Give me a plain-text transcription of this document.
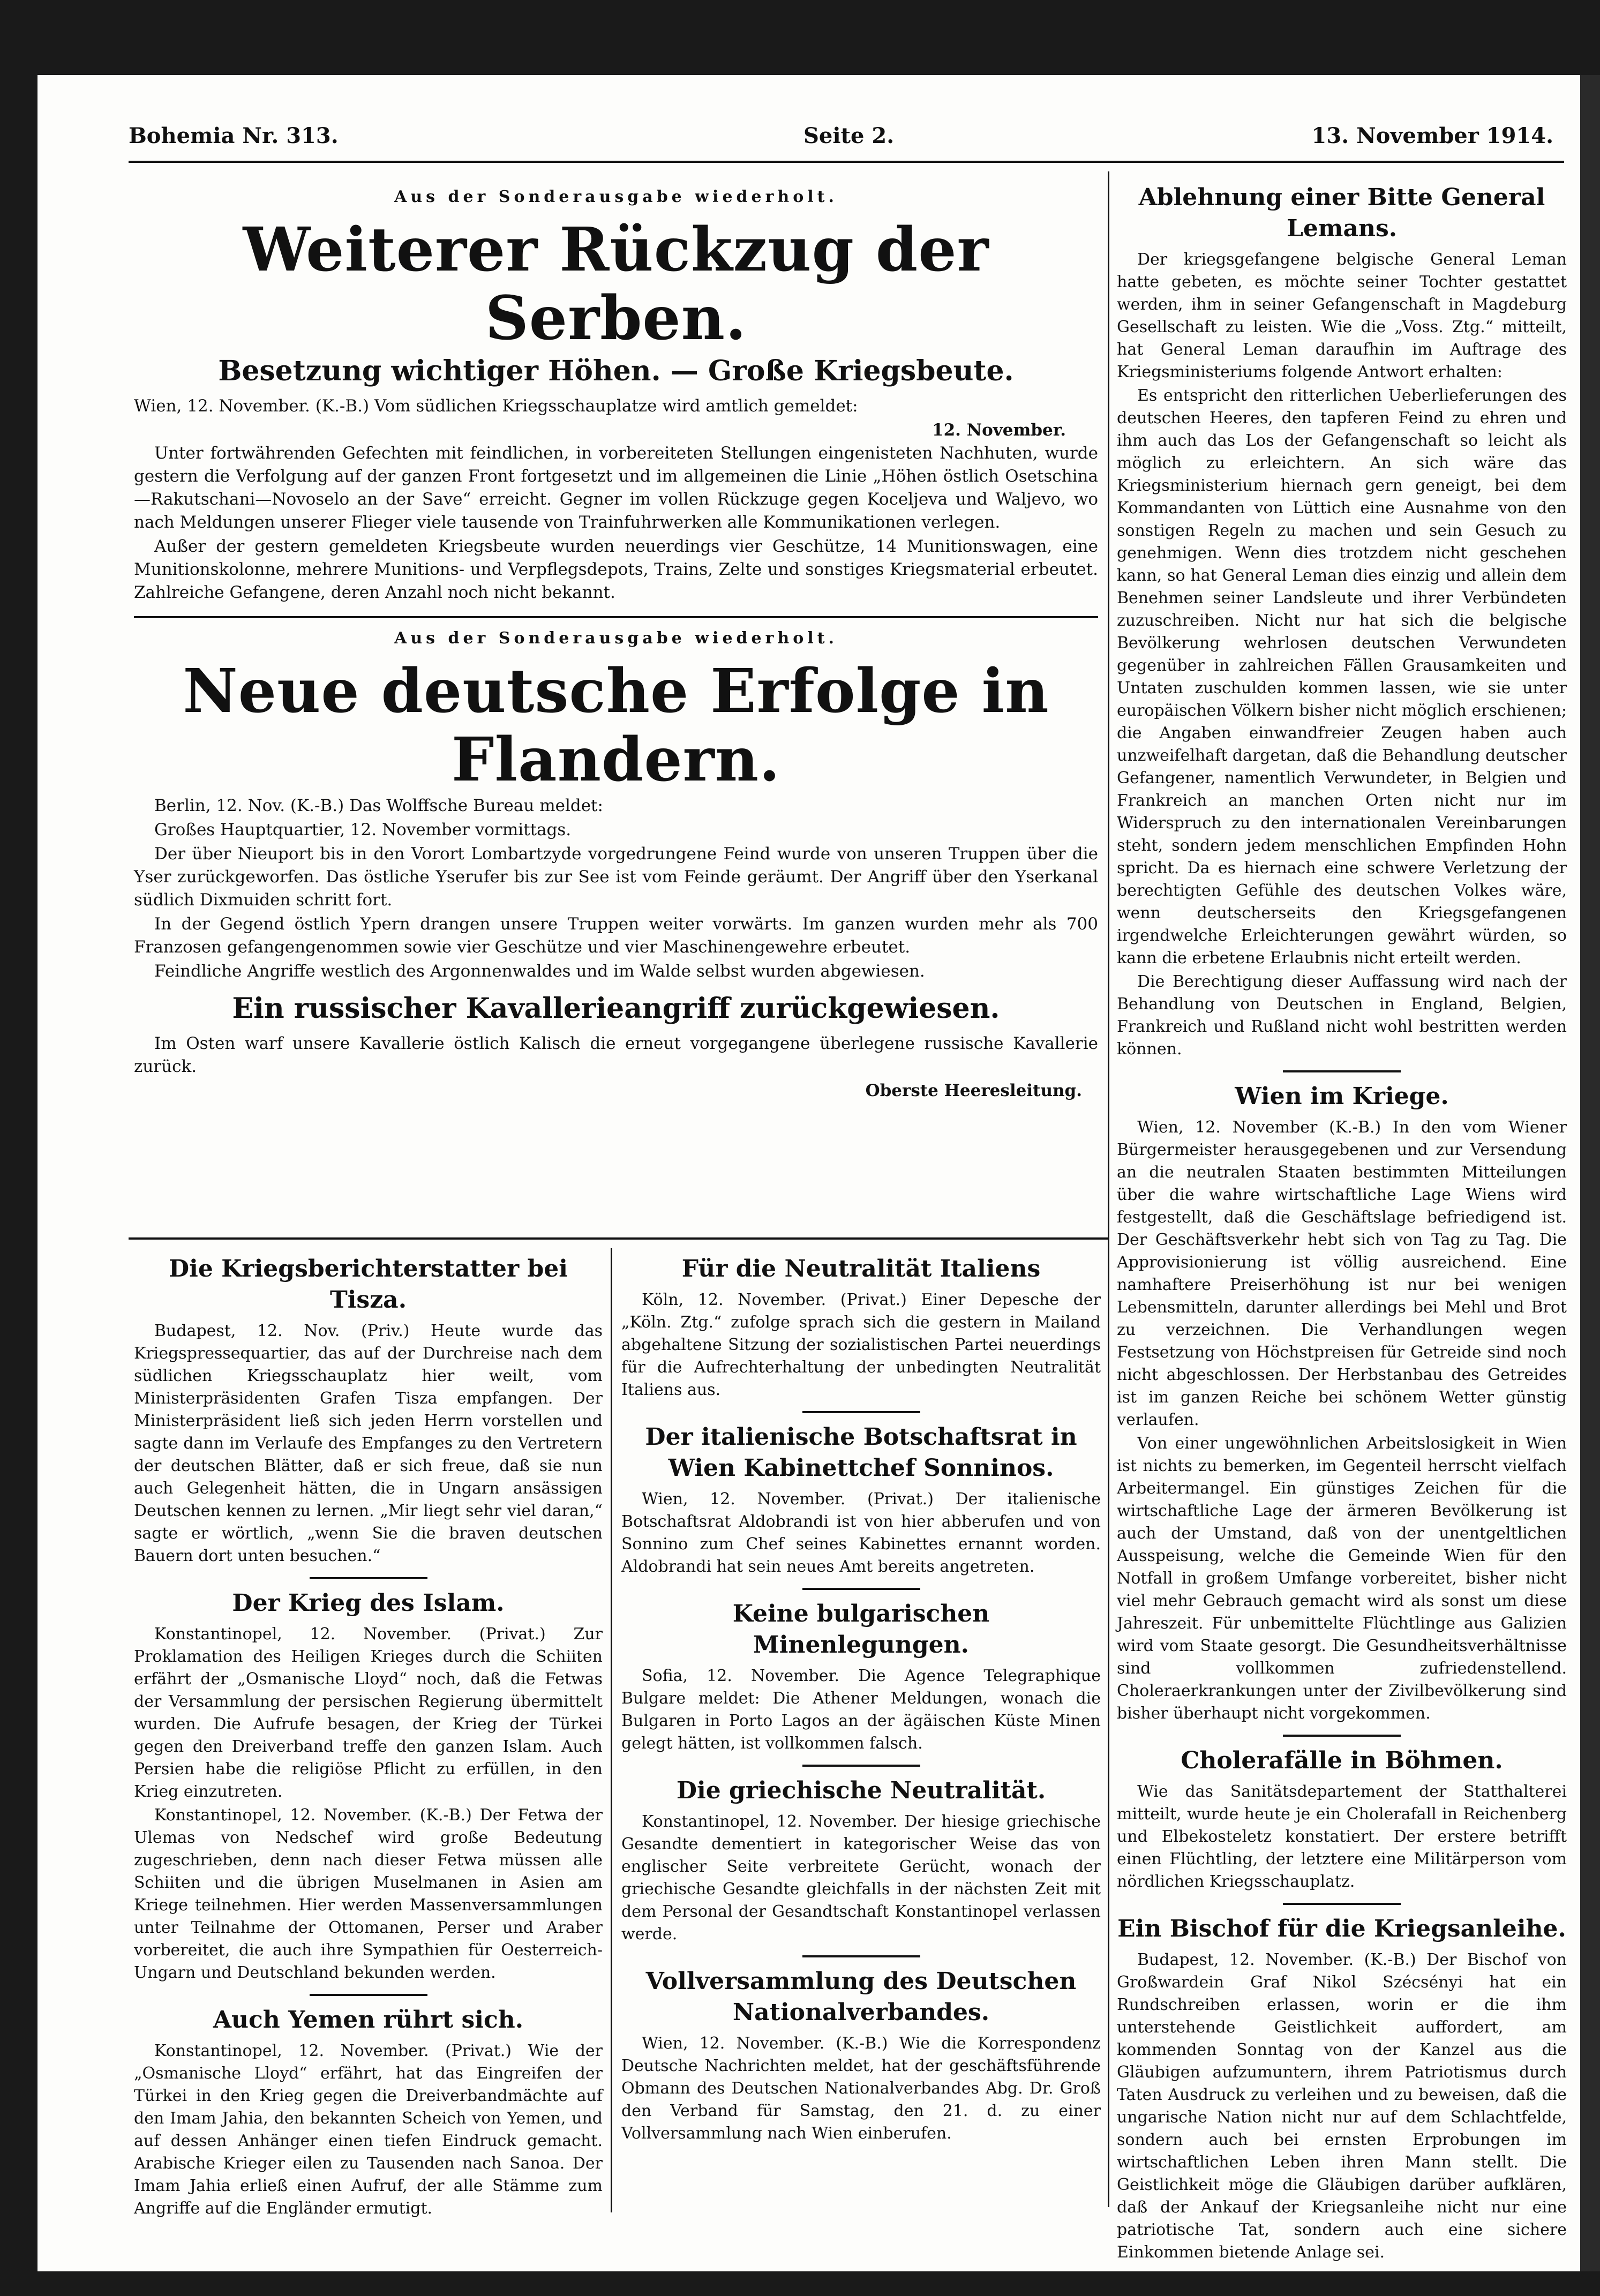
Bohemia Nr. 313.	Seite 2.	13. November 1914.
Aus der Sonderausgabe wiederholt.
Weiterer Rückzug der Serben.
Besetzung wichtiger Höhen. — Große Kriegsbeute.

Wien, 12. November. (K.-B.) Vom südlichen Kriegsschauplatze wird amtlich gemeldet:

12. November.

Unter fortwährenden Gefechten mit feindlichen, in vorbereiteten Stellungen eingenisteten Nachhuten, wurde gestern die Verfolgung auf der ganzen Front fortgesetzt und im allgemeinen die Linie „Höhen östlich Osetschina—Rakutschani—Novoselo an der Save“ erreicht. Gegner im vollen Rückzuge gegen Koceljeva und Waljevo, wo nach Meldungen unserer Flieger viele tausende von Trainfuhrwerken alle Kommunikationen verlegen.

Außer der gestern gemeldeten Kriegsbeute wurden neuerdings vier Geschütze, 14 Munitionswagen, eine Munitionskolonne, mehrere Munitions- und Verpflegsdepots, Trains, Zelte und sonstiges Kriegsmaterial erbeutet. Zahlreiche Gefangene, deren Anzahl noch nicht bekannt.

Aus der Sonderausgabe wiederholt.
Neue deutsche Erfolge in Flandern.

Berlin, 12. Nov. (K.-B.) Das Wolffsche Bureau meldet:

Großes Hauptquartier, 12. November vormittags.

Der über Nieuport bis in den Vorort Lombartzyde vorgedrungene Feind wurde von unseren Truppen über die Yser zurückgeworfen. Das östliche Yserufer bis zur See ist vom Feinde geräumt. Der Angriff über den Yserkanal südlich Dixmuiden schritt fort.

In der Gegend östlich Ypern drangen unsere Truppen weiter vorwärts. Im ganzen wurden mehr als 700 Franzosen gefangengenommen sowie vier Geschütze und vier Maschinengewehre erbeutet.

Feindliche Angriffe westlich des Argonnenwaldes und im Walde selbst wurden abgewiesen.

Ein russischer Kavallerieangriff zurückgewiesen.

Im Osten warf unsere Kavallerie östlich Kalisch die erneut vorgegangene überlegene russische Kavallerie zurück.

Oberste Heeresleitung.
Ablehnung einer Bitte General Lemans.

Der kriegsgefangene belgische General Leman hatte gebeten, es möchte seiner Tochter gestattet werden, ihm in seiner Gefangenschaft in Magdeburg Gesellschaft zu leisten. Wie die „Voss. Ztg.“ mitteilt, hat General Leman daraufhin im Auftrage des Kriegsministeriums folgende Antwort erhalten:

Es entspricht den ritterlichen Ueberlieferungen des deutschen Heeres, den tapferen Feind zu ehren und ihm auch das Los der Gefangenschaft so leicht als möglich zu erleichtern. An sich wäre das Kriegsministerium hiernach gern geneigt, bei dem Kommandanten von Lüttich eine Ausnahme von den sonstigen Regeln zu machen und sein Gesuch zu genehmigen. Wenn dies trotzdem nicht geschehen kann, so hat General Leman dies einzig und allein dem Benehmen seiner Landsleute und ihrer Verbündeten zuzuschreiben. Nicht nur hat sich die belgische Bevölkerung wehrlosen deutschen Verwundeten gegenüber in zahlreichen Fällen Grausamkeiten und Untaten zuschulden kommen lassen, wie sie unter europäischen Völkern bisher nicht möglich erschienen; die Angaben einwandfreier Zeugen haben auch unzweifelhaft dargetan, daß die Behandlung deutscher Gefangener, namentlich Verwundeter, in Belgien und Frankreich an manchen Orten nicht nur im Widerspruch zu den internationalen Vereinbarungen steht, sondern jedem menschlichen Empfinden Hohn spricht. Da es hiernach eine schwere Verletzung der berechtigten Gefühle des deutschen Volkes wäre, wenn deutscherseits den Kriegsgefangenen irgendwelche Erleichterungen gewährt würden, so kann die erbetene Erlaubnis nicht erteilt werden.

Die Berechtigung dieser Auffassung wird nach der Behandlung von Deutschen in England, Belgien, Frankreich und Rußland nicht wohl bestritten werden können.

Wien im Kriege.

Wien, 12. November (K.-B.) In den vom Wiener Bürgermeister herausgegebenen und zur Versendung an die neutralen Staaten bestimmten Mitteilungen über die wahre wirtschaftliche Lage Wiens wird festgestellt, daß die Geschäftslage befriedigend ist. Der Geschäftsverkehr hebt sich von Tag zu Tag. Die Approvisionierung ist völlig ausreichend. Eine namhaftere Preiserhöhung ist nur bei wenigen Lebensmitteln, darunter allerdings bei Mehl und Brot zu verzeichnen. Die Verhandlungen wegen Festsetzung von Höchstpreisen für Getreide sind noch nicht abgeschlossen. Der Herbstanbau des Getreides ist im ganzen Reiche bei schönem Wetter günstig verlaufen.

Von einer ungewöhnlichen Arbeitslosigkeit in Wien ist nichts zu bemerken, im Gegenteil herrscht vielfach Arbeitermangel. Ein günstiges Zeichen für die wirtschaftliche Lage der ärmeren Bevölkerung ist auch der Umstand, daß von der unentgeltlichen Ausspeisung, welche die Gemeinde Wien für den Notfall in großem Umfange vorbereitet, bisher nicht viel mehr Gebrauch gemacht wird als sonst um diese Jahreszeit. Für unbemittelte Flüchtlinge aus Galizien wird vom Staate gesorgt. Die Gesundheitsverhältnisse sind vollkommen zufriedenstellend. Choleraerkrankungen unter der Zivilbevölkerung sind bisher überhaupt nicht vorgekommen.

Cholerafälle in Böhmen.

Wie das Sanitätsdepartement der Statthalterei mitteilt, wurde heute je ein Cholerafall in Reichenberg und Elbekosteletz konstatiert. Der erstere betrifft einen Flüchtling, der letztere eine Militärperson vom nördlichen Kriegsschauplatz.

Ein Bischof für die Kriegsanleihe.

Budapest, 12. November. (K.-B.) Der Bischof von Großwardein Graf Nikol Szécsényi hat ein Rundschreiben erlassen, worin er die ihm unterstehende Geistlichkeit auffordert, am kommenden Sonntag von der Kanzel aus die Gläubigen aufzumuntern, ihrem Patriotismus durch Taten Ausdruck zu verleihen und zu beweisen, daß die ungarische Nation nicht nur auf dem Schlachtfelde, sondern auch bei ernsten Erprobungen im wirtschaftlichen Leben ihren Mann stellt. Die Geistlichkeit möge die Gläubigen darüber aufklären, daß der Ankauf der Kriegsanleihe nicht nur eine patriotische Tat, sondern auch eine sichere Einkommen bietende Anlage sei.

Die Kriegsberichterstatter bei Tisza.

Budapest, 12. Nov. (Priv.) Heute wurde das Kriegspressequartier, das auf der Durchreise nach dem südlichen Kriegsschauplatz hier weilt, vom Ministerpräsidenten Grafen Tisza empfangen. Der Ministerpräsident ließ sich jeden Herrn vorstellen und sagte dann im Verlaufe des Empfanges zu den Vertretern der deutschen Blätter, daß er sich freue, daß sie nun auch Gelegenheit hätten, die in Ungarn ansässigen Deutschen kennen zu lernen. „Mir liegt sehr viel daran,“ sagte er wörtlich, „wenn Sie die braven deutschen Bauern dort unten besuchen.“

Der Krieg des Islam.

Konstantinopel, 12. November. (Privat.) Zur Proklamation des Heiligen Krieges durch die Schiiten erfährt der „Osmanische Lloyd“ noch, daß die Fetwas der Versammlung der persischen Regierung übermittelt wurden. Die Aufrufe besagen, der Krieg der Türkei gegen den Dreiverband treffe den ganzen Islam. Auch Persien habe die religiöse Pflicht zu erfüllen, in den Krieg einzutreten.

Konstantinopel, 12. November. (K.-B.) Der Fetwa der Ulemas von Nedschef wird große Bedeutung zugeschrieben, denn nach dieser Fetwa müssen alle Schiiten und die übrigen Muselmanen in Asien am Kriege teilnehmen. Hier werden Massenversammlungen unter Teilnahme der Ottomanen, Perser und Araber vorbereitet, die auch ihre Sympathien für Oesterreich-Ungarn und Deutschland bekunden werden.

Auch Yemen rührt sich.

Konstantinopel, 12. November. (Privat.) Wie der „Osmanische Lloyd“ erfährt, hat das Eingreifen der Türkei in den Krieg gegen die Dreiverbandmächte auf den Imam Jahia, den bekannten Scheich von Yemen, und auf dessen Anhänger einen tiefen Eindruck gemacht. Arabische Krieger eilen zu Tausenden nach Sanoa. Der Imam Jahia erließ einen Aufruf, der alle Stämme zum Angriffe auf die Engländer ermutigt.

Für die Neutralität Italiens

Köln, 12. November. (Privat.) Einer Depesche der „Köln. Ztg.“ zufolge sprach sich die gestern in Mailand abgehaltene Sitzung der sozialistischen Partei neuerdings für die Aufrechterhaltung der unbedingten Neutralität Italiens aus.

Der italienische Botschaftsrat in Wien Kabinettchef Sonninos.

Wien, 12. November. (Privat.) Der italienische Botschaftsrat Aldobrandi ist von hier abberufen und von Sonnino zum Chef seines Kabinettes ernannt worden. Aldobrandi hat sein neues Amt bereits angetreten.

Keine bulgarischen Minenlegungen.

Sofia, 12. November. Die Agence Telegraphique Bulgare meldet: Die Athener Meldungen, wonach die Bulgaren in Porto Lagos an der ägäischen Küste Minen gelegt hätten, ist vollkommen falsch.

Die griechische Neutralität.

Konstantinopel, 12. November. Der hiesige griechische Gesandte dementiert in kategorischer Weise das von englischer Seite verbreitete Gerücht, wonach der griechische Gesandte gleichfalls in der nächsten Zeit mit dem Personal der Gesandtschaft Konstantinopel verlassen werde.

Vollversammlung des Deutschen Nationalverbandes.

Wien, 12. November. (K.-B.) Wie die Korrespondenz Deutsche Nachrichten meldet, hat der geschäftsführende Obmann des Deutschen Nationalverbandes Abg. Dr. Groß den Verband für Samstag, den 21. d. zu einer Vollversammlung nach Wien einberufen.
